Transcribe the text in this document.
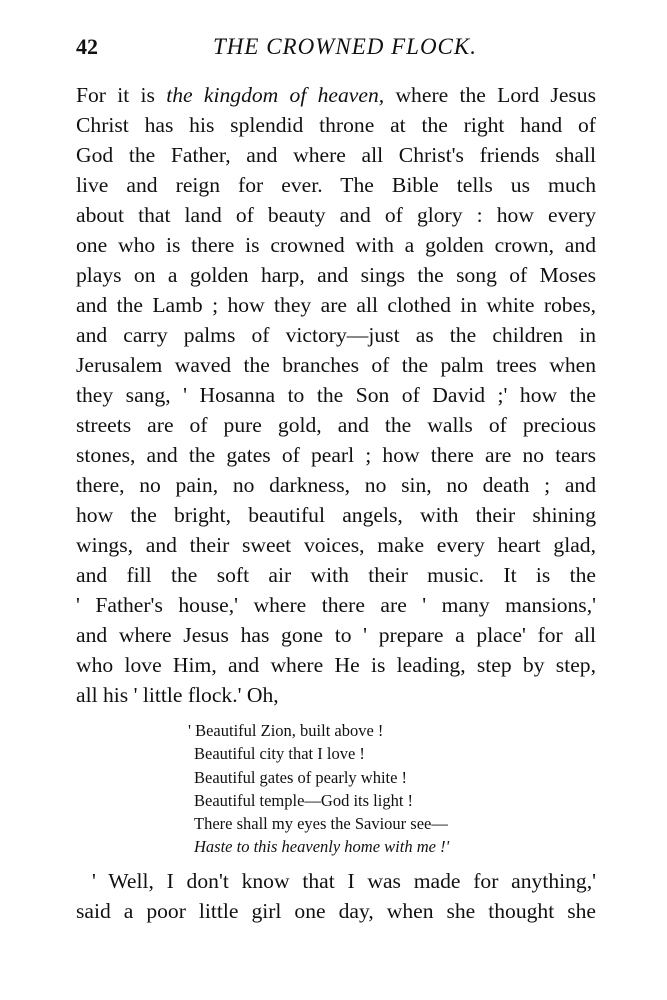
42	THE CROWNED FLOCK.
For it is the kingdom of heaven, where the Lord Jesus
Christ has his splendid throne at the right hand of
God the Father, and where all Christ's friends shall
live and reign for ever. The Bible tells us much
about that land of beauty and of glory : how every
one who is there is crowned with a golden crown, and
plays on a golden harp, and sings the song of Moses
and the Lamb ; how they are all clothed in white robes,
and carry palms of victory—just as the children in
Jerusalem waved the branches of the palm trees when
they sang, ' Hosanna to the Son of David ;' how the
streets are of pure gold, and the walls of precious
stones, and the gates of pearl ; how there are no tears
there, no pain, no darkness, no sin, no death ; and
how the bright, beautiful angels, with their shining
wings, and their sweet voices, make every heart glad,
and fill the soft air with their music. It is the
' Father's house,' where there are ' many mansions,'
and where Jesus has gone to ' prepare a place' for all
who love Him, and where He is leading, step by step,
all his ' little flock.' Oh,
' Beautiful Zion, built above !
Beautiful city that I love !
Beautiful gates of pearly white !
Beautiful temple—God its light !
There shall my eyes the Saviour see—
Haste to this heavenly home with me !'
' Well, I don't know that I was made for anything,'
said a poor little girl one day, when she thought she
